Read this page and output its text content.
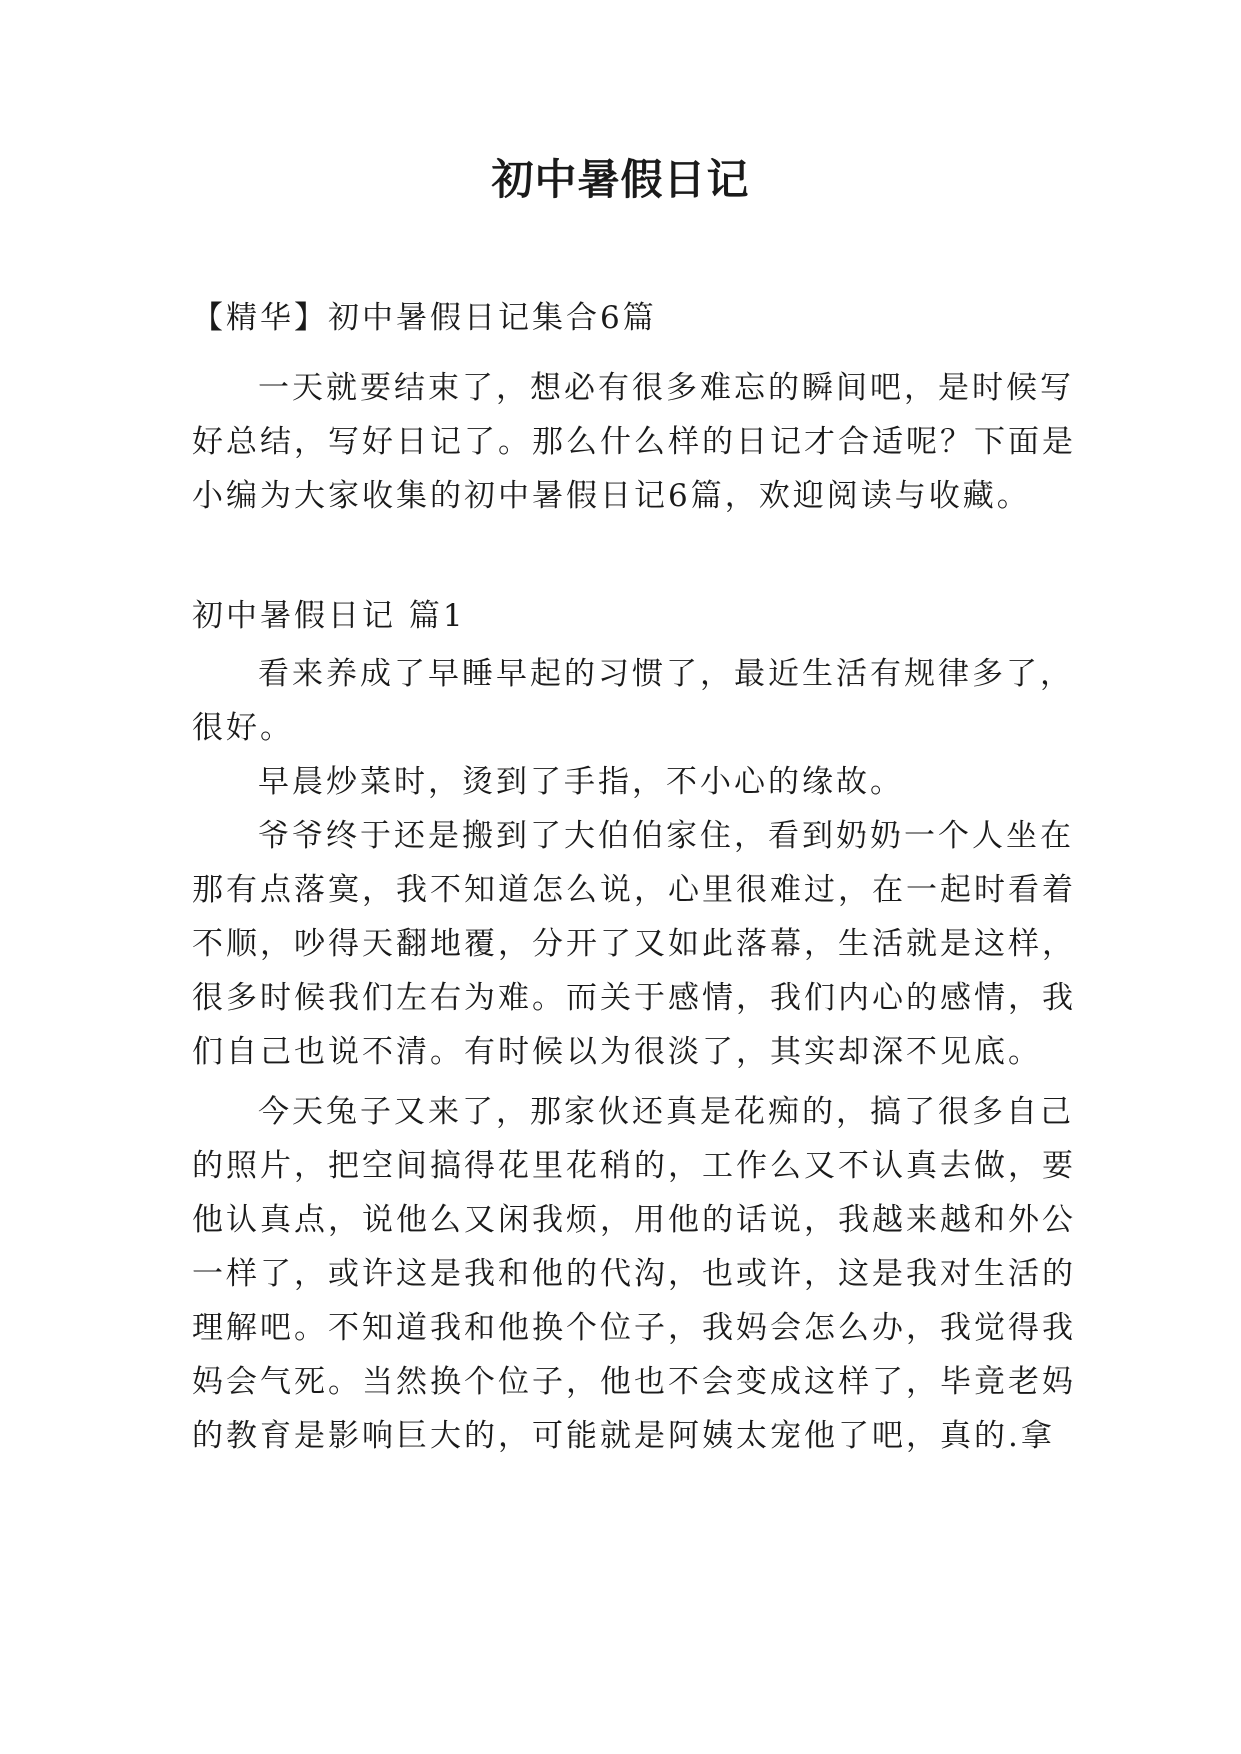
初中暑假日记
【精华】初中暑假日记集合6篇
一天就要结束了，想必有很多难忘的瞬间吧，是时候写
好总结，写好日记了。那么什么样的日记才合适呢？下面是
小编为大家收集的初中暑假日记6篇，欢迎阅读与收藏。
初中暑假日记 篇1
看来养成了早睡早起的习惯了，最近生活有规律多了，
很好。
早晨炒菜时，烫到了手指，不小心的缘故。
爷爷终于还是搬到了大伯伯家住，看到奶奶一个人坐在
那有点落寞，我不知道怎么说，心里很难过，在一起时看着
不顺，吵得天翻地覆，分开了又如此落幕，生活就是这样，
很多时候我们左右为难。而关于感情，我们内心的感情，我
们自己也说不清。有时候以为很淡了，其实却深不见底。
今天兔子又来了，那家伙还真是花痴的，搞了很多自己
的照片，把空间搞得花里花稍的，工作么又不认真去做，要
他认真点，说他么又闲我烦，用他的话说，我越来越和外公
一样了，或许这是我和他的代沟，也或许，这是我对生活的
理解吧。不知道我和他换个位子，我妈会怎么办，我觉得我
妈会气死。当然换个位子，他也不会变成这样了，毕竟老妈
的教育是影响巨大的，可能就是阿姨太宠他了吧，真的.拿
